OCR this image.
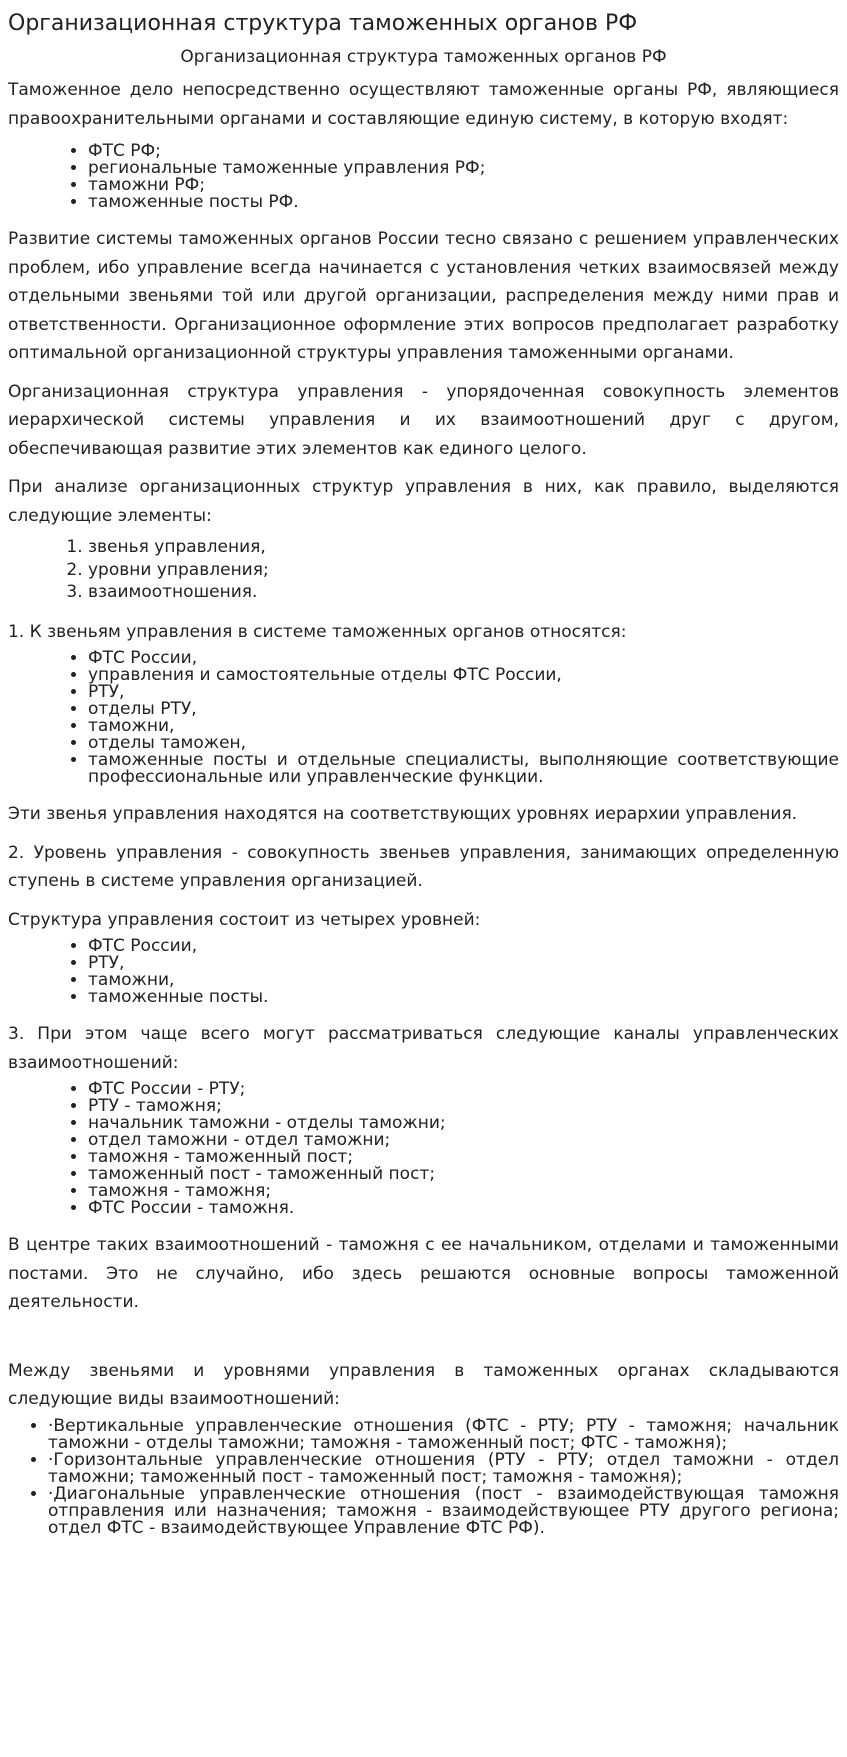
Организационная структура таможенных органов РФ
Организационная структура таможенных органов РФ

Таможенное дело непосредственно осуществляют таможенные органы РФ, являющиеся правоохранительными органами и составляющие единую систему, в которую входят:

• ФТС РФ;
• региональные таможенные управления РФ;
• таможни РФ;
• таможенные посты РФ.

Развитие системы таможенных органов России тесно связано с решением управленческих проблем, ибо управление всегда начинается с установления четких взаимосвязей между отдельными звеньями той или другой организации, распределения между ними прав и ответственности. Организационное оформление этих вопросов предполагает разработку оптимальной организационной структуры управления таможенными органами.

Организационная структура управления - упорядоченная совокупность элементов иерархической системы управления и их взаимоотношений друг с другом, обеспечивающая развитие этих элементов как единого целого.

При анализе организационных структур управления в них, как правило, выделяются следующие элементы:

1. звенья управления,
2. уровни управления;
3. взаимоотношения.

1. К звеньям управления в системе таможенных органов относятся:

• ФТС России,
• управления и самостоятельные отделы ФТС России,
• РТУ,
• отделы РТУ,
• таможни,
• отделы таможен,
• таможенные посты и отдельные специалисты, выполняющие соответствующие профессиональные или управленческие функции.

Эти звенья управления находятся на соответствующих уровнях иерархии управления.

2. Уровень управления - совокупность звеньев управления, занимающих определенную ступень в системе управления организацией.

Структура управления состоит из четырех уровней:

• ФТС России,
• РТУ,
• таможни,
• таможенные посты.

3. При этом чаще всего могут рассматриваться следующие каналы управленческих взаимоотношений:

• ФТС России - РТУ;
• РТУ - таможня;
• начальник таможни - отделы таможни;
• отдел таможни - отдел таможни;
• таможня - таможенный пост;
• таможенный пост - таможенный пост;
• таможня - таможня;
• ФТС России - таможня.

В центре таких взаимоотношений - таможня с ее начальником, отделами и таможенными постами. Это не случайно, ибо здесь решаются основные вопросы таможенной деятельности.

Между звеньями и уровнями управления в таможенных органах складываются следующие виды взаимоотношений:

• ·Вертикальные управленческие отношения (ФТС - РТУ; РТУ - таможня; начальник таможни - отделы таможни; таможня - таможенный пост; ФТС - таможня);
• ·Горизонтальные управленческие отношения (РТУ - РТУ; отдел таможни - отдел таможни; таможенный пост - таможенный пост; таможня - таможня);
• ·Диагональные управленческие отношения (пост - взаимодействующая таможня отправления или назначения; таможня - взаимодействующее РТУ другого региона; отдел ФТС - взаимодействующее Управление ФТС РФ).
